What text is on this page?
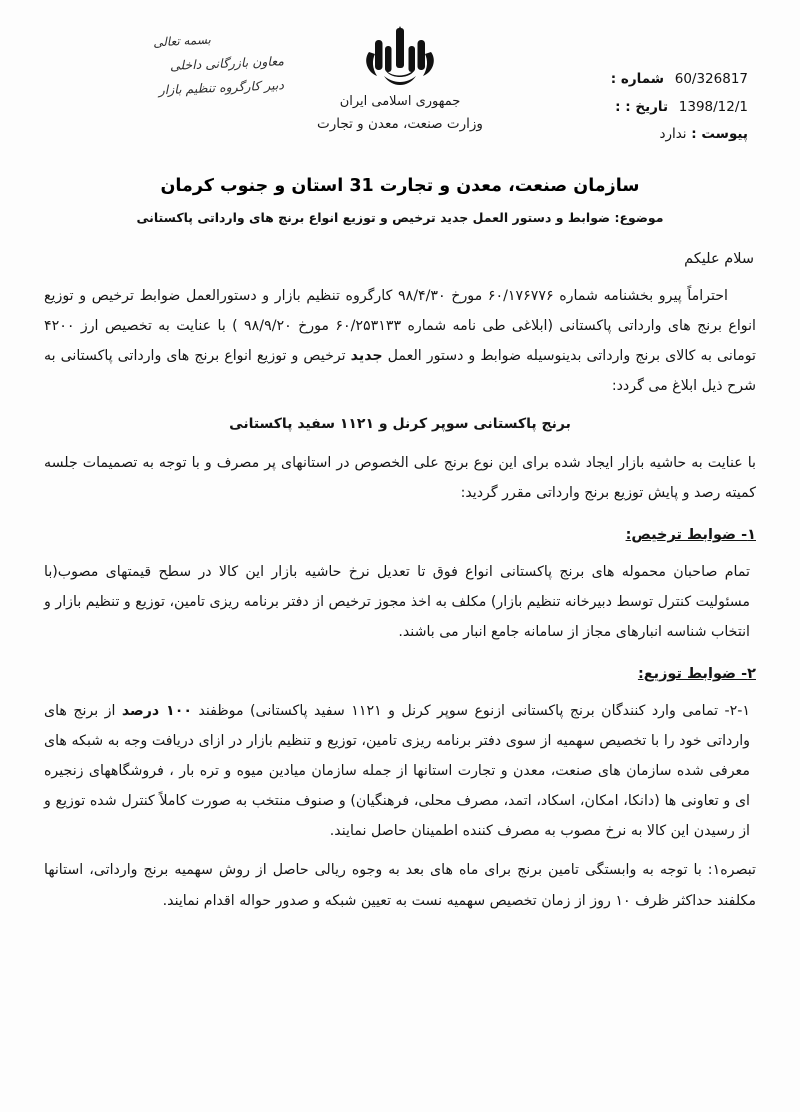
بسمه تعالی
معاون بازرگانی داخلی
دبیر کارگروه تنظیم بازار	60/326817 شماره :
1398/12/1 تاریخ : :
پیوست : ندارد
جمهوری اسلامی ایران
وزارت صنعت، معدن و تجارت
سازمان صنعت، معدن و تجارت 31 استان و جنوب کرمان
موضوع: ضوابط و دستور العمل جدید ترخیص و توزیع انواع برنج های وارداتی پاکستانی
سلام علیکم

احتراماً پیرو بخشنامه شماره ۶۰/۱۷۶۷۷۶ مورخ ۹۸/۴/۳۰ کارگروه تنظیم بازار و دستورالعمل ضوابط ترخیص و توزیع انواع برنج های وارداتی پاکستانی (ابلاغی طی نامه شماره ۶۰/۲۵۳۱۳۳ مورخ ۹۸/۹/۲۰ ) با عنایت به تخصیص ارز ۴۲۰۰ تومانی به کالای برنج وارداتی بدینوسیله ضوابط و دستور العمل جدید ترخیص و توزیع انواع برنج های وارداتی پاکستانی به شرح ذیل ابلاغ می گردد:

برنج پاکستانی سوپر کرنل و ۱۱۲۱ سفید پاکستانی

با عنایت به حاشیه بازار ایجاد شده برای این نوع برنج علی الخصوص در استانهای پر مصرف و با توجه به تصمیمات جلسه کمیته رصد و پایش توزیع برنج وارداتی مقرر گردید:

۱- ضوابط ترخیص:

تمام صاحبان محموله های برنج پاکستانی انواع فوق تا تعدیل نرخ حاشیه بازار این کالا در سطح قیمتهای مصوب(با مسئولیت کنترل توسط دبیرخانه تنظیم بازار) مکلف به اخذ مجوز ترخیص از دفتر برنامه ریزی تامین، توزیع و تنظیم بازار و انتخاب شناسه انبارهای مجاز از سامانه جامع انبار می باشند.

۲- ضوابط توزیع:

۲-۱- تمامی وارد کنندگان برنج پاکستانی ازنوع سوپر کرنل و ۱۱۲۱ سفید پاکستانی) موظفند ۱۰۰ درصد از برنج های وارداتی خود را با تخصیص سهمیه از سوی دفتر برنامه ریزی تامین، توزیع و تنظیم بازار در ازای دریافت وجه به شبکه های معرفی شده سازمان های صنعت، معدن و تجارت استانها از جمله سازمان میادین میوه و تره بار ، فروشگاههای زنجیره ای و تعاونی ها (دانکا، امکان، اسکاد، اتمد، مصرف محلی، فرهنگیان) و صنوف منتخب به صورت کاملاً کنترل شده توزیع و از رسیدن این کالا به نرخ مصوب به مصرف کننده اطمینان حاصل نمایند.

تبصره۱: با توجه به وابستگی تامین برنج برای ماه های بعد به وجوه ریالی حاصل از روش سهمیه برنج وارداتی، استانها مکلفند حداکثر ظرف ۱۰ روز از زمان تخصیص سهمیه نست به تعیین شبکه و صدور حواله اقدام نمایند.
